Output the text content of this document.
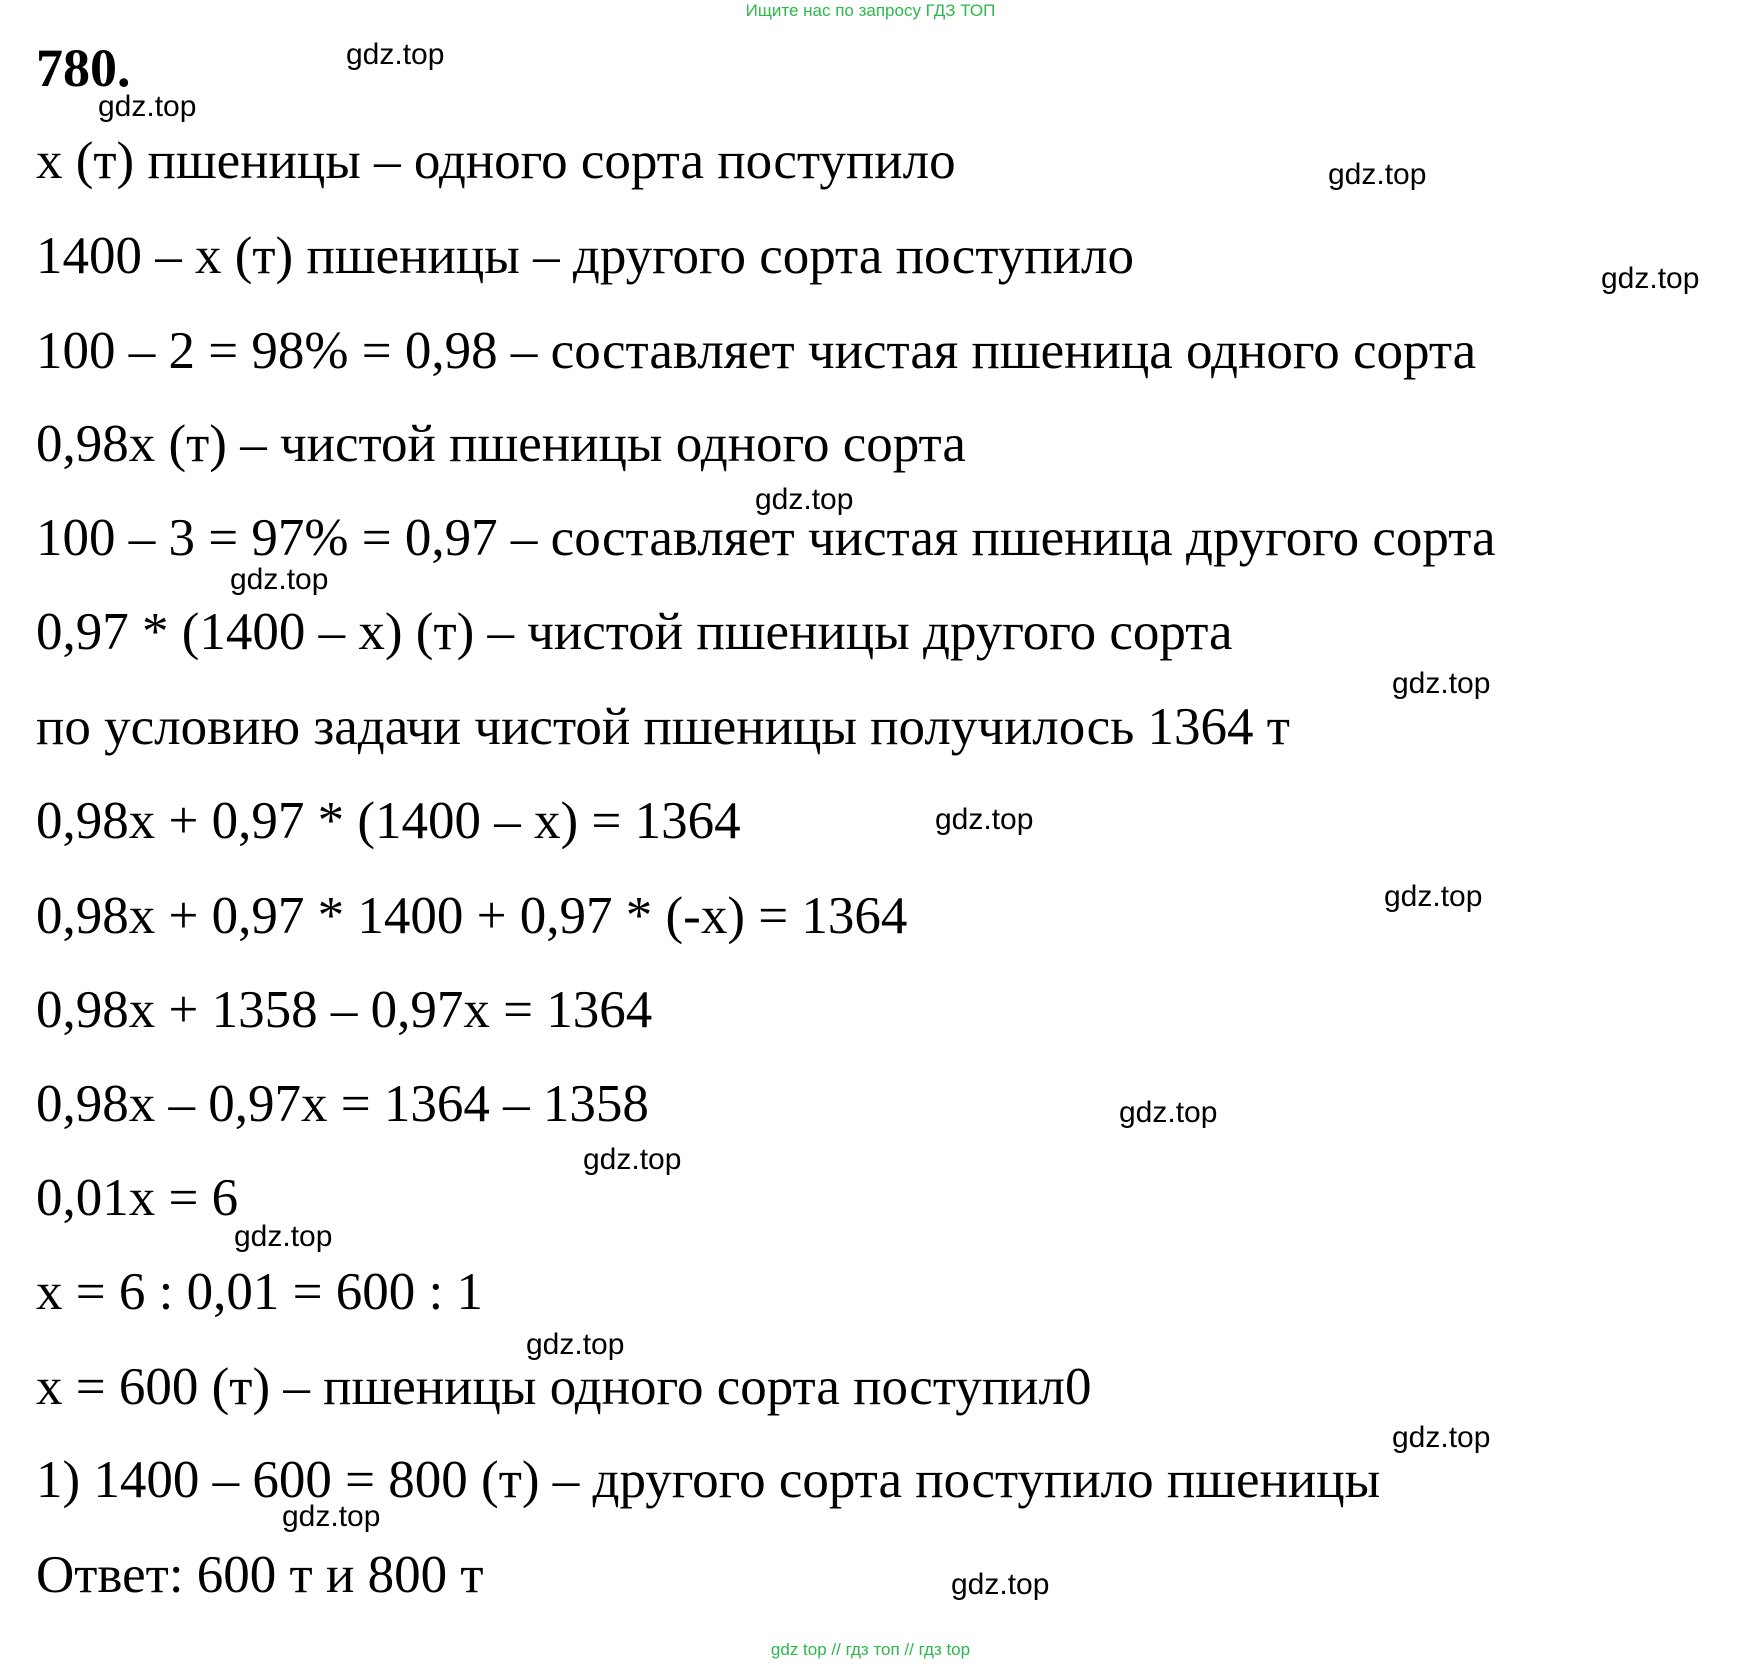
Ищите нас по запросу ГДЗ ТОП
780.
х (т) пшеницы – одного сорта поступило
1400 – х (т) пшеницы – другого сорта поступило
100 – 2 = 98% = 0,98 – составляет чистая пшеница одного сорта
0,98х (т) – чистой пшеницы одного сорта
100 – 3 = 97% = 0,97 – составляет чистая пшеница другого сорта
0,97 * (1400 – х) (т) – чистой пшеницы другого сорта
по условию задачи чистой пшеницы получилось 1364 т
0,98х + 0,97 * (1400 – х) = 1364
0,98х + 0,97 * 1400 + 0,97 * (-х) = 1364
0,98х + 1358 – 0,97х = 1364
0,98х – 0,97х = 1364 – 1358
0,01х = 6
х = 6 : 0,01 = 600 : 1
х = 600 (т) – пшеницы одного сорта поступил0
1) 1400 – 600 = 800 (т) – другого сорта поступило пшеницы
Ответ: 600 т и 800 т
gdz.top
gdz.top
gdz.top
gdz.top
gdz.top
gdz.top
gdz.top
gdz.top
gdz.top
gdz.top
gdz.top
gdz.top
gdz.top
gdz.top
gdz.top
gdz.top
gdz top // гдз топ // гдз top
